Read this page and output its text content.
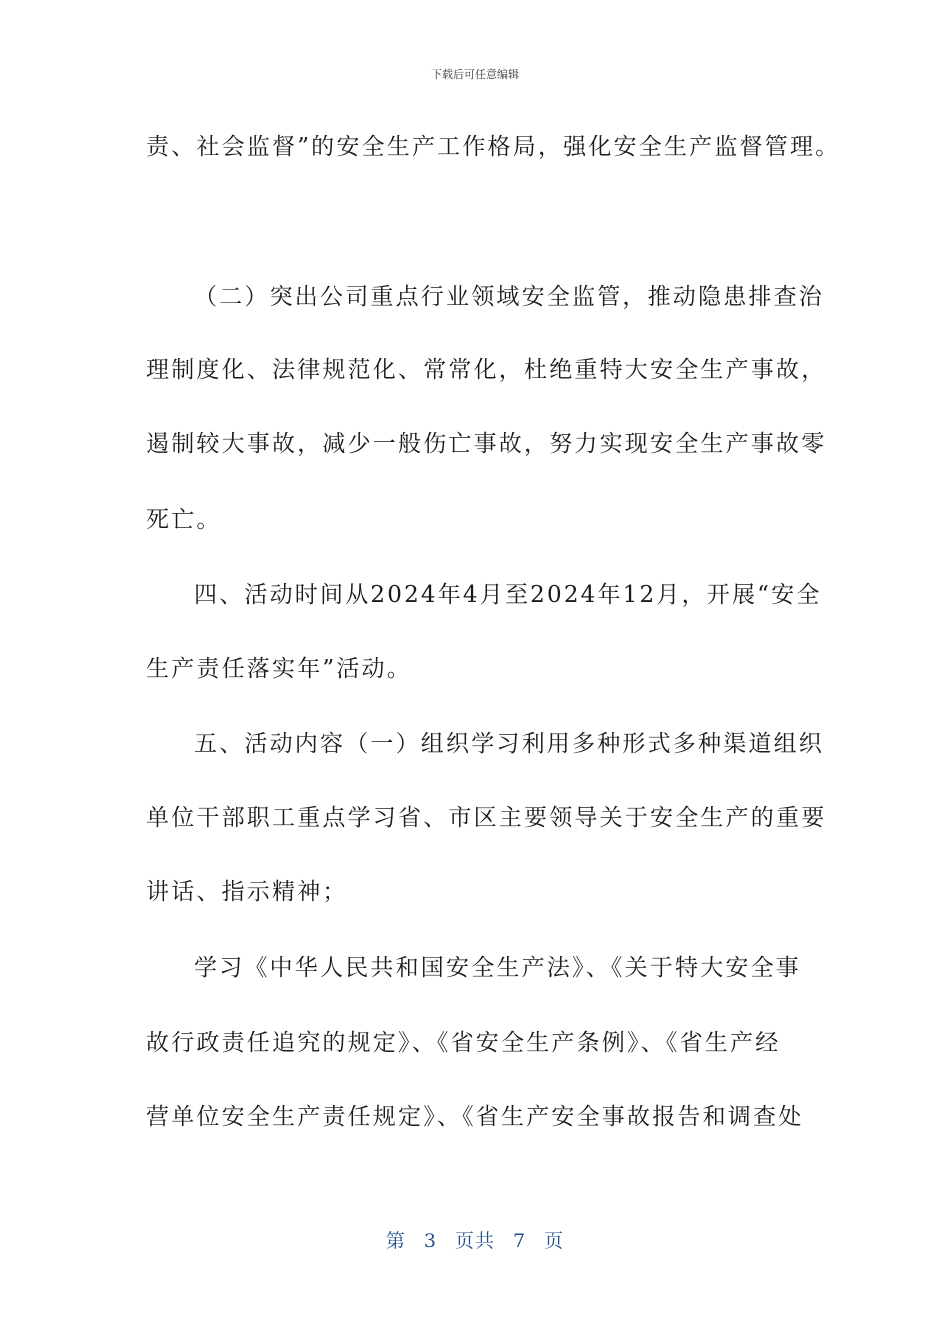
下载后可任意编辑
责、社会监督”的安全生产工作格局，强化安全生产监督管理。
（二）突出公司重点行业领域安全监管，推动隐患排查治
理制度化、法律规范化、常常化，杜绝重特大安全生产事故，
遏制较大事故，减少一般伤亡事故，努力实现安全生产事故零
死亡。
四、活动时间从2024年4月至2024年12月，开展“安全
生产责任落实年”活动。
五、活动内容（一）组织学习利用多种形式多种渠道组织
单位干部职工重点学习省、市区主要领导关于安全生产的重要
讲话、指示精神；
学习《中华人民共和国安全生产法》、《关于特大安全事
故行政责任追究的规定》、《省安全生产条例》、《省生产经
营单位安全生产责任规定》、《省生产安全事故报告和调查处
第 3 页共 7 页
